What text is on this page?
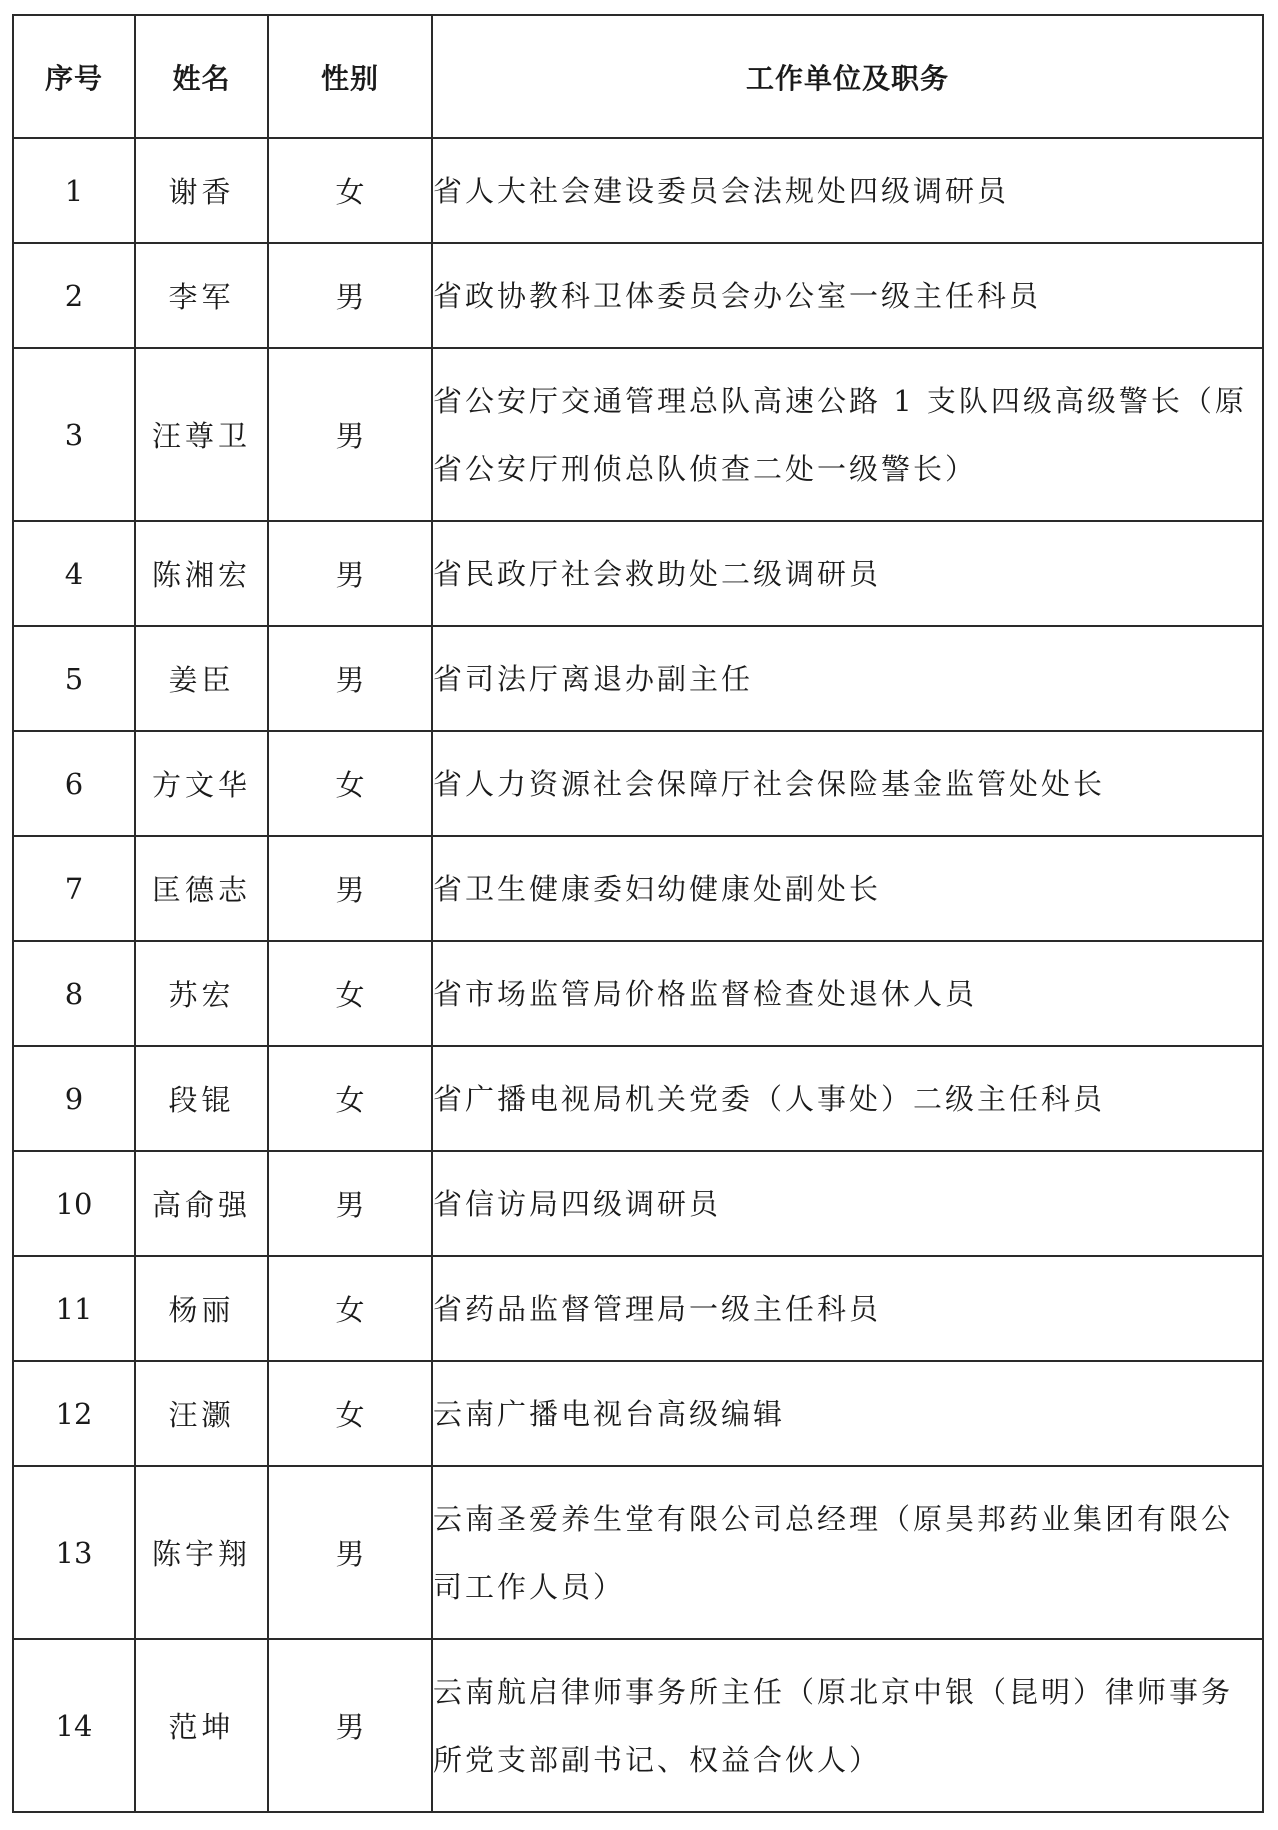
序号	姓名	性别	工作单位及职务
1	谢香	女	省人大社会建设委员会法规处四级调研员
2	李军	男	省政协教科卫体委员会办公室一级主任科员
3	汪尊卫	男	省公安厅交通管理总队高速公路 1 支队四级高级警长（原省公安厅刑侦总队侦查二处一级警长）
4	陈湘宏	男	省民政厅社会救助处二级调研员
5	姜臣	男	省司法厅离退办副主任
6	方文华	女	省人力资源社会保障厅社会保险基金监管处处长
7	匡德志	男	省卫生健康委妇幼健康处副处长
8	苏宏	女	省市场监管局价格监督检查处退休人员
9	段锟	女	省广播电视局机关党委（人事处）二级主任科员
10	高俞强	男	省信访局四级调研员
11	杨丽	女	省药品监督管理局一级主任科员
12	汪灏	女	云南广播电视台高级编辑
13	陈宇翔	男	云南圣爱养生堂有限公司总经理（原昊邦药业集团有限公司工作人员）
14	范坤	男	云南航启律师事务所主任（原北京中银（昆明）律师事务所党支部副书记、权益合伙人）
